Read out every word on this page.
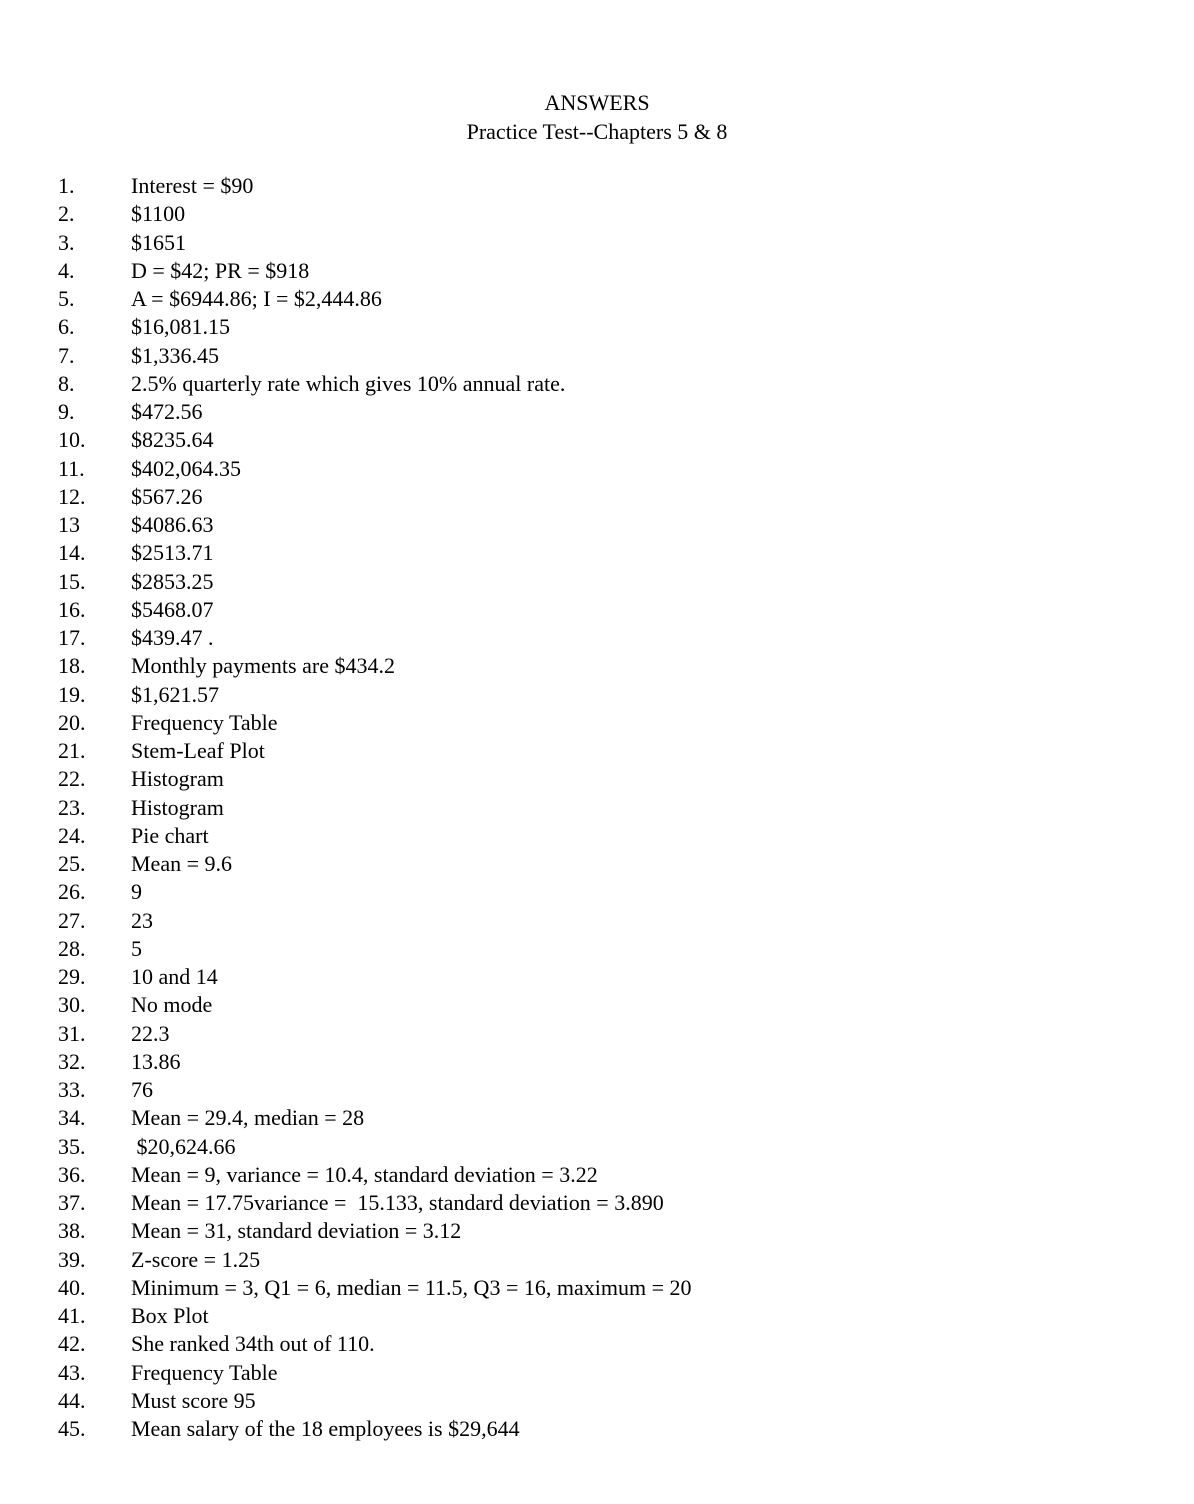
ANSWERS
Practice Test--Chapters 5 & 8
1.	Interest = $90
2.	$1100
3.	$1651
4.	D = $42; PR = $918
5.	A = $6944.86; I = $2,444.86
6.	$16,081.15
7.	$1,336.45
8.	2.5% quarterly rate which gives 10% annual rate.
9.	$472.56
10. $8235.64
11. $402,064.35
12. $567.26
13 $4086.63
14. $2513.71
15. $2853.25
16. $5468.07
17. $439.47 .
18. Monthly payments are $434.2
19. $1,621.57
20. Frequency Table
21. Stem-Leaf Plot
22. Histogram
23. Histogram
24. Pie chart
25. Mean = 9.6
26. 9
27. 23
28. 5
29. 10 and 14
30. No mode
31. 22.3
32. 13.86
33. 76
34. Mean = 29.4, median = 28
35. $20,624.66
36. Mean = 9, variance = 10.4, standard deviation = 3.22
37. Mean = 17.75variance =  15.133, standard deviation = 3.890
38. Mean = 31, standard deviation = 3.12
39. Z-score = 1.25
40. Minimum = 3, Q1 = 6, median = 11.5, Q3 = 16, maximum = 20
41. Box Plot
42. She ranked 34th out of 110.
43. Frequency Table
44. Must score 95
45. Mean salary of the 18 employees is $29,644
